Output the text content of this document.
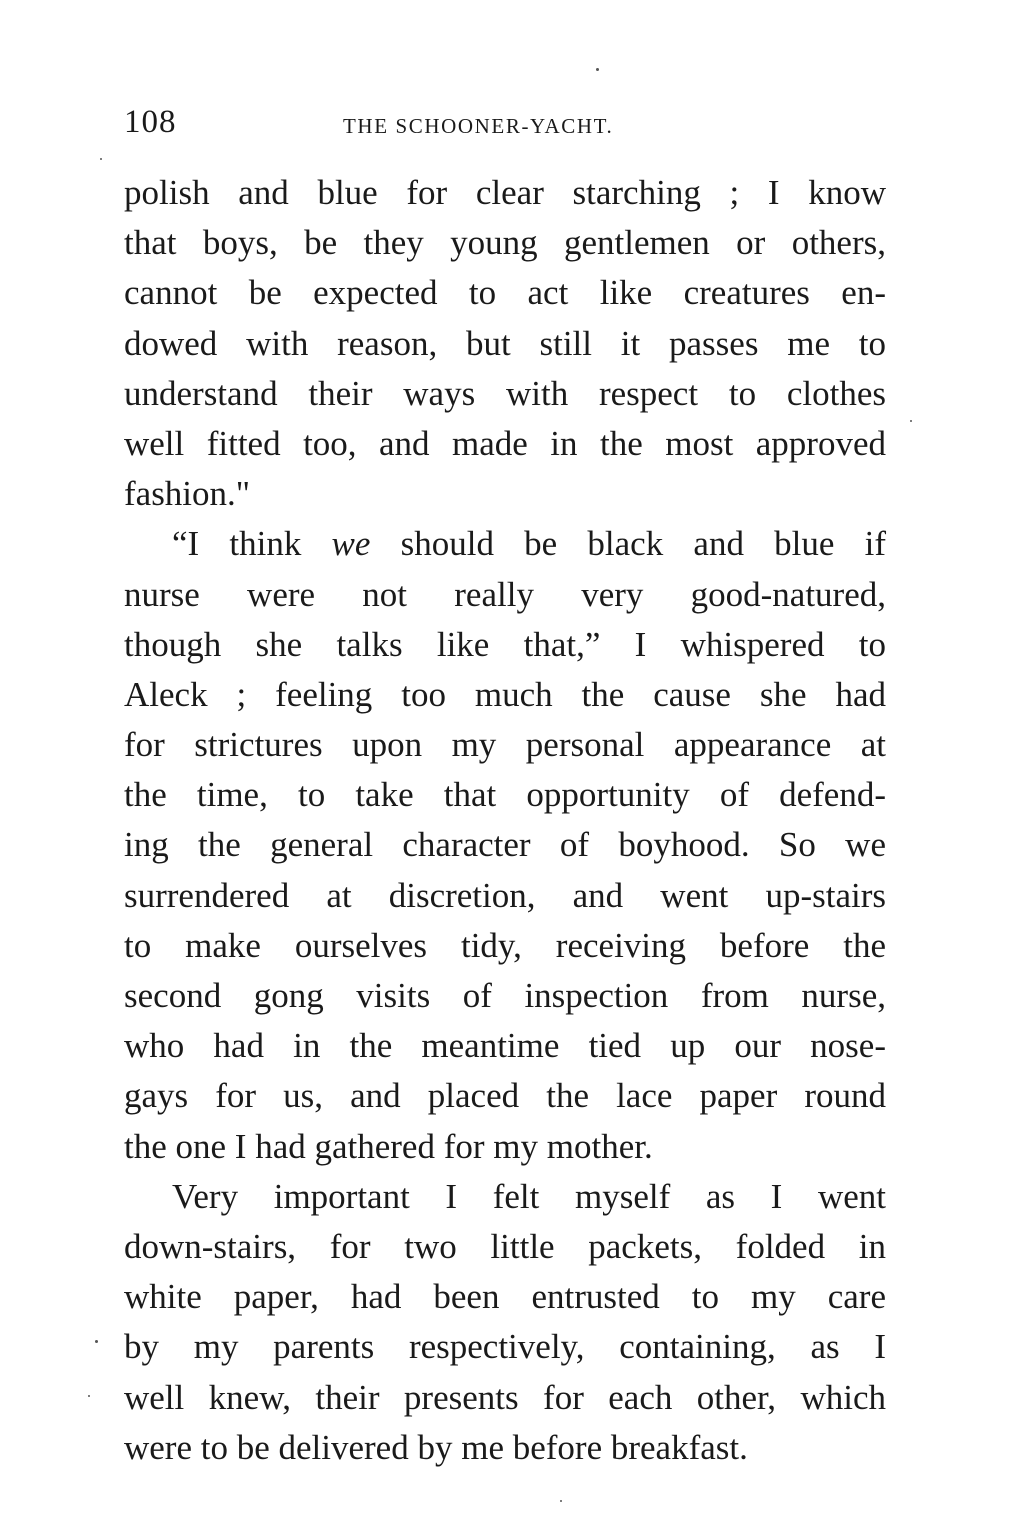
108	THE SCHOONER-YACHT.
polish and blue for clear starching ; I know
that boys, be they young gentlemen or others,
cannot be expected to act like creatures en-
dowed with reason, but still it passes me to
understand their ways with respect to clothes
well fitted too, and made in the most approved
fashion."
“I think we should be black and blue if
nurse were not really very good-natured,
though she talks like that,” I whispered to
Aleck ; feeling too much the cause she had
for strictures upon my personal appearance at
the time, to take that opportunity of defend-
ing the general character of boyhood. So we
surrendered at discretion, and went up-stairs
to make ourselves tidy, receiving before the
second gong visits of inspection from nurse,
who had in the meantime tied up our nose-
gays for us, and placed the lace paper round
the one I had gathered for my mother.
Very important I felt myself as I went
down-stairs, for two little packets, folded in
white paper, had been entrusted to my care
by my parents respectively, containing, as I
well knew, their presents for each other, which
were to be delivered by me before breakfast.
